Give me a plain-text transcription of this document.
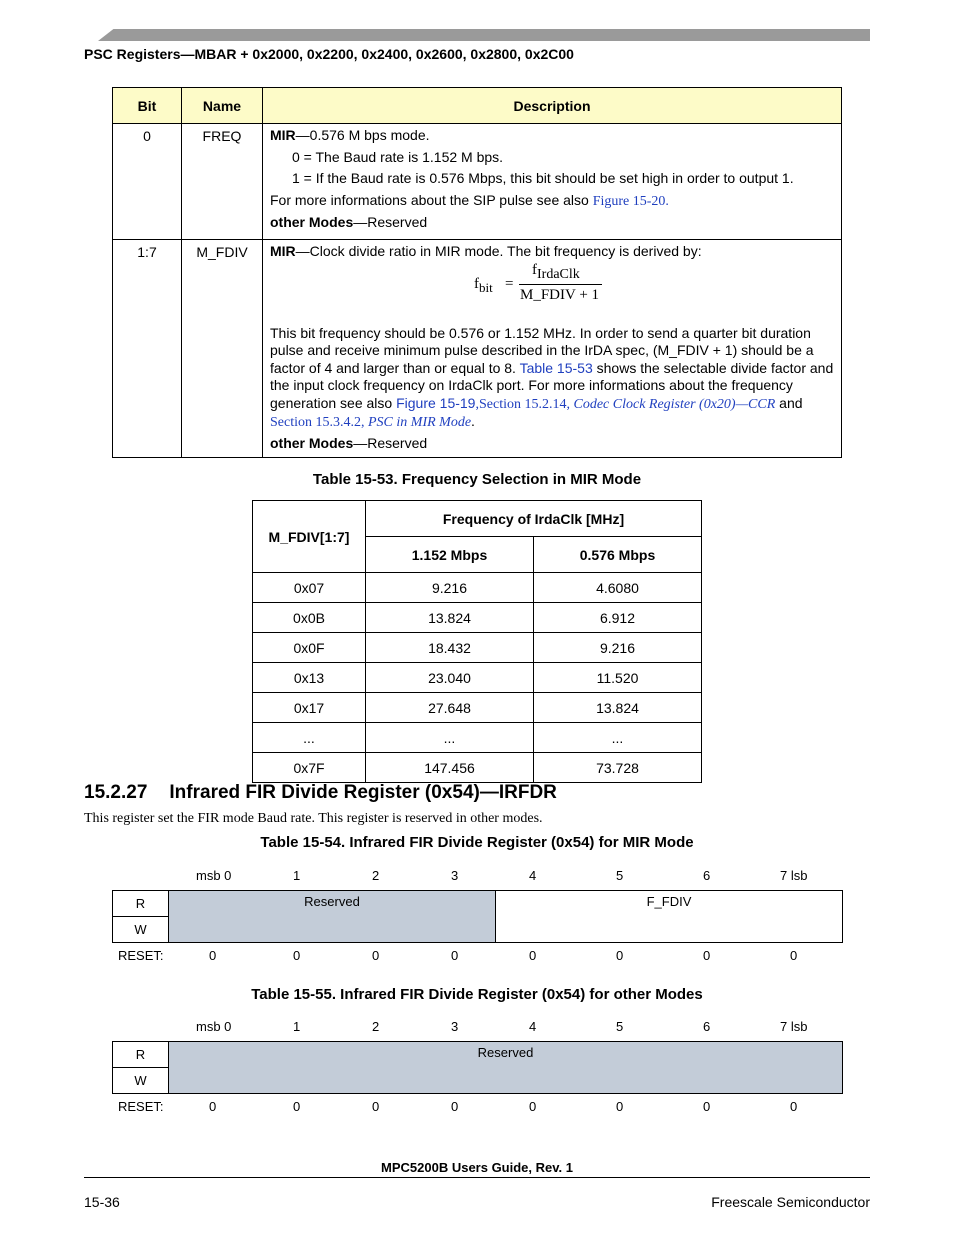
PSC Registers—MBAR + 0x2000, 0x2200, 0x2400, 0x2600, 0x2800, 0x2C00
Bit	Name	Description
0	FREQ	MIR—0.576 M bps mode.

0 = The Baud rate is 1.152 M bps.

1 = If the Baud rate is 0.576 Mbps, this bit should be set high in order to output 1.

For more informations about the SIP pulse see also Figure 15-20.

other Modes—Reserved

1:7	M_FDIV	MIR—Clock divide ratio in MIR mode. The bit frequency is derived by:

This bit frequency should be 0.576 or 1.152 MHz. In order to send a quarter bit duration pulse and receive minimum pulse described in the IrDA spec, (M_FDIV + 1) should be a factor of 4 and larger than or equal to 8. Table 15-53 shows the selectable divide factor and the input clock frequency on IrdaClk port. For more informations about the frequency generation see also Figure 15-19,Section 15.2.14, Codec Clock Register (0x20)—CCR and Section 15.3.4.2, PSC in MIR Mode.

other Modes—Reserved

$f_{bit}$ =
$f_{IrdaClk}$
M_FDIV + 1
Table 15-53. Frequency Selection in MIR Mode
M_FDIV[1:7]	Frequency of IrdaClk [MHz]	
	1.152 Mbps	0.576 Mbps
0x07	9.216	4.6080
0x0B	13.824	6.912
0x0F	18.432	9.216
0x13	23.040	11.520
0x17	27.648	13.824
...	...	...
0x7F	147.456	73.728
15.2.27 Infrared FIR Divide Register (0x54)—IRFDR
This register set the FIR mode Baud rate. This register is reserved in other modes.
Table 15-54. Infrared FIR Divide Register (0x54) for MIR Mode
msb 0	1	2	3	4	5	6	7 lsb
R
W
Reserved	F_FDIV
RESET:	0	0	0	0	0	0	0	0
Table 15-55. Infrared FIR Divide Register (0x54) for other Modes
msb 0	1	2	3	4	5	6	7 lsb
R
W
Reserved
RESET:	0	0	0	0	0	0	0	0
MPC5200B Users Guide, Rev. 1
15-36	Freescale Semiconductor
